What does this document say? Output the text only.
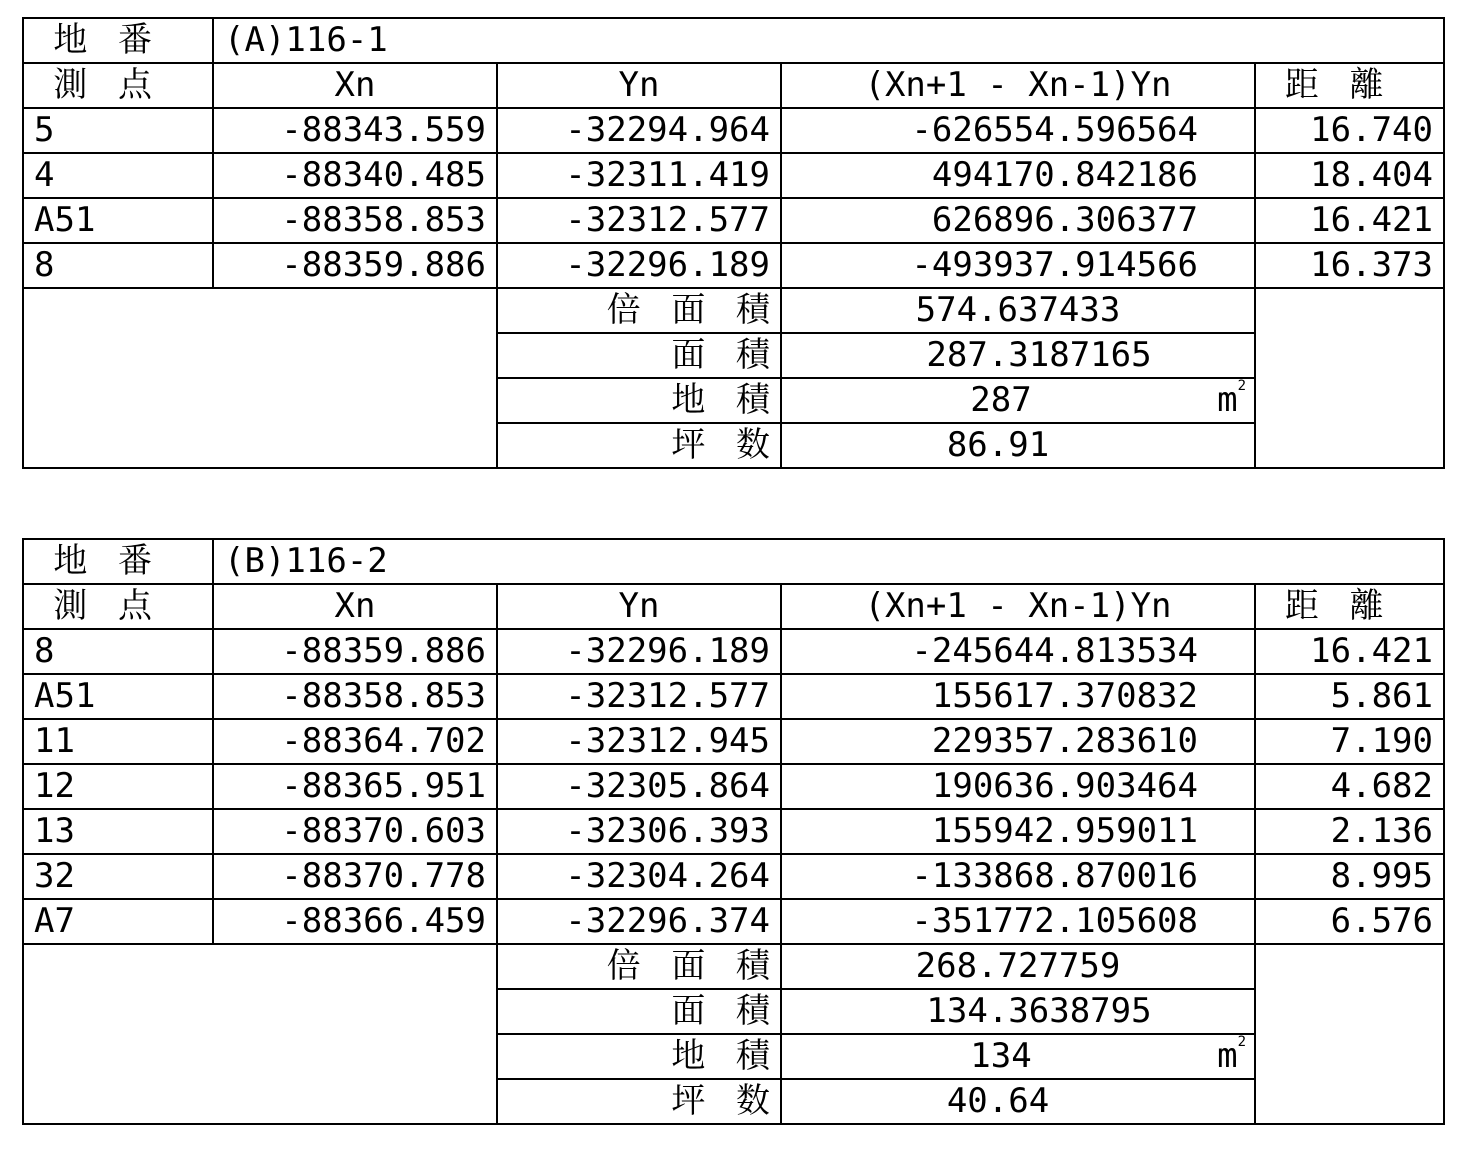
地番	(A)116-1			
測点	Xn	Yn	(Xn+1 - Xn-1)Yn	距離
5	-88343.559	-32294.964	-626554.596564	16.740
4	-88340.485	-32311.419	494170.842186	18.404
A51	-88358.853	-32312.577	626896.306377	16.421
8	-88359.886	-32296.189	-493937.914566	16.373
		倍面積	574.637433	
		面積	287.3187165	
		地積	287 $m^2$

		坪数	86.91	
地番	(B)116-2			
測点	Xn	Yn	(Xn+1 - Xn-1)Yn	距離
8	-88359.886	-32296.189	-245644.813534	16.421
A51	-88358.853	-32312.577	155617.370832	5.861
11	-88364.702	-32312.945	229357.283610	7.190
12	-88365.951	-32305.864	190636.903464	4.682
13	-88370.603	-32306.393	155942.959011	2.136
32	-88370.778	-32304.264	-133868.870016	8.995
A7	-88366.459	-32296.374	-351772.105608	6.576
		倍面積	268.727759	
		面積	134.3638795	
		地積	134 $m^2$

		坪数	40.64	
